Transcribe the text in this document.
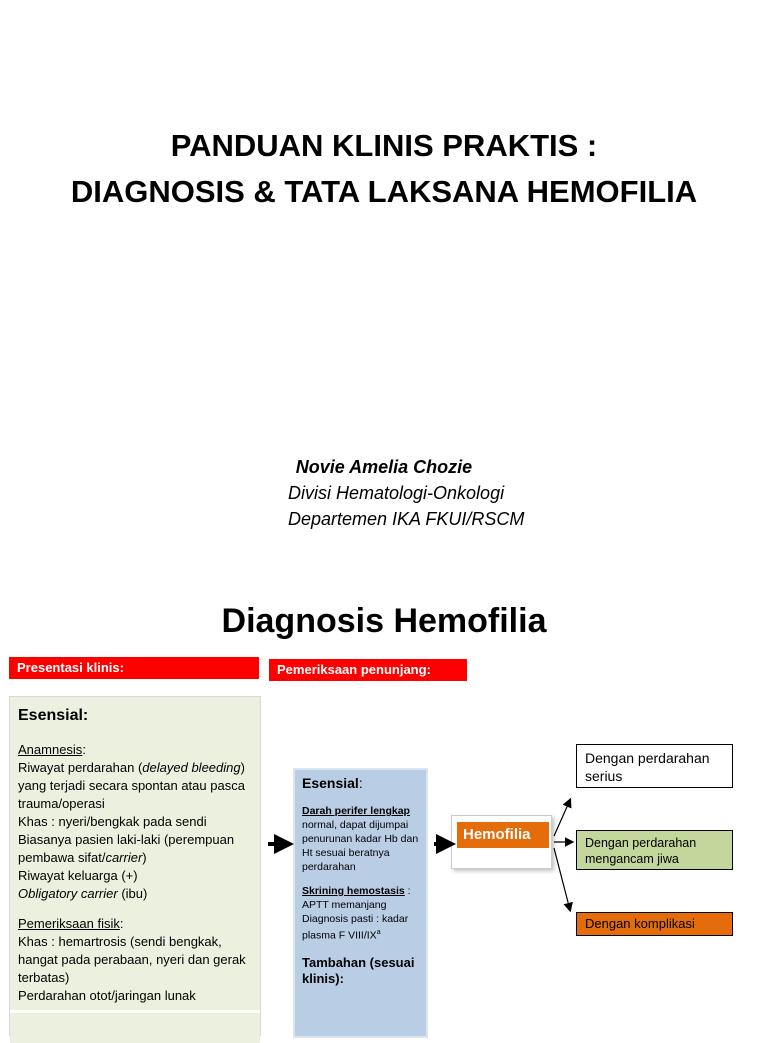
PANDUAN KLINIS PRAKTIS :
DIAGNOSIS & TATA LAKSANA HEMOFILIA
Novie Amelia Chozie
Divisi Hematologi-Onkologi
Departemen IKA FKUI/RSCM
Diagnosis Hemofilia
Presentasi klinis:	Pemeriksaan penunjang:
Esensial:
Anamnesis:
Riwayat perdarahan (delayed bleeding) yang terjadi secara spontan atau pasca trauma/operasi
Khas : nyeri/bengkak pada sendi
Biasanya pasien laki-laki (perempuan pembawa sifat/carrier)
Riwayat keluarga (+)
Obligatory carrier (ibu)
Pemeriksaan fisik:
Khas : hemartrosis (sendi bengkak, hangat pada perabaan, nyeri dan gerak terbatas)
Perdarahan otot/jaringan lunak
Esensial:
Darah perifer lengkap
normal, dapat dijumpai penurunan kadar Hb dan Ht sesuai beratnya perdarahan
Skrining hemostasis :
APTT memanjang
Diagnosis pasti : kadar plasma F VIII/$IX^a$
Tambahan (sesuai klinis):
Hemofilia
Dengan perdarahan serius
Dengan perdarahan mengancam jiwa
Dengan komplikasi
